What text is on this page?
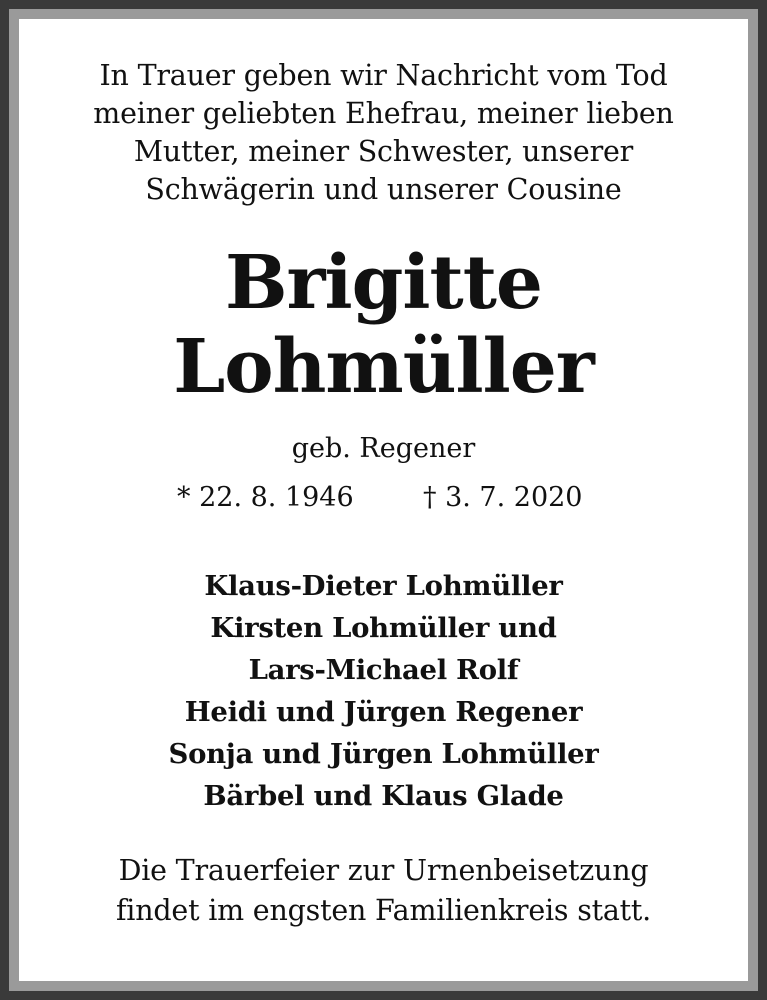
In Trauer geben wir Nachricht vom Tod
meiner geliebten Ehefrau, meiner lieben
Mutter, meiner Schwester, unserer
Schwägerin und unserer Cousine
Brigitte
Lohmüller
geb. Regener
* 22. 8. 1946	† 3. 7. 2020
Klaus-Dieter Lohmüller
Kirsten Lohmüller und
Lars-Michael Rolf
Heidi und Jürgen Regener
Sonja und Jürgen Lohmüller
Bärbel und Klaus Glade
Die Trauerfeier zur Urnenbeisetzung
findet im engsten Familienkreis statt.
